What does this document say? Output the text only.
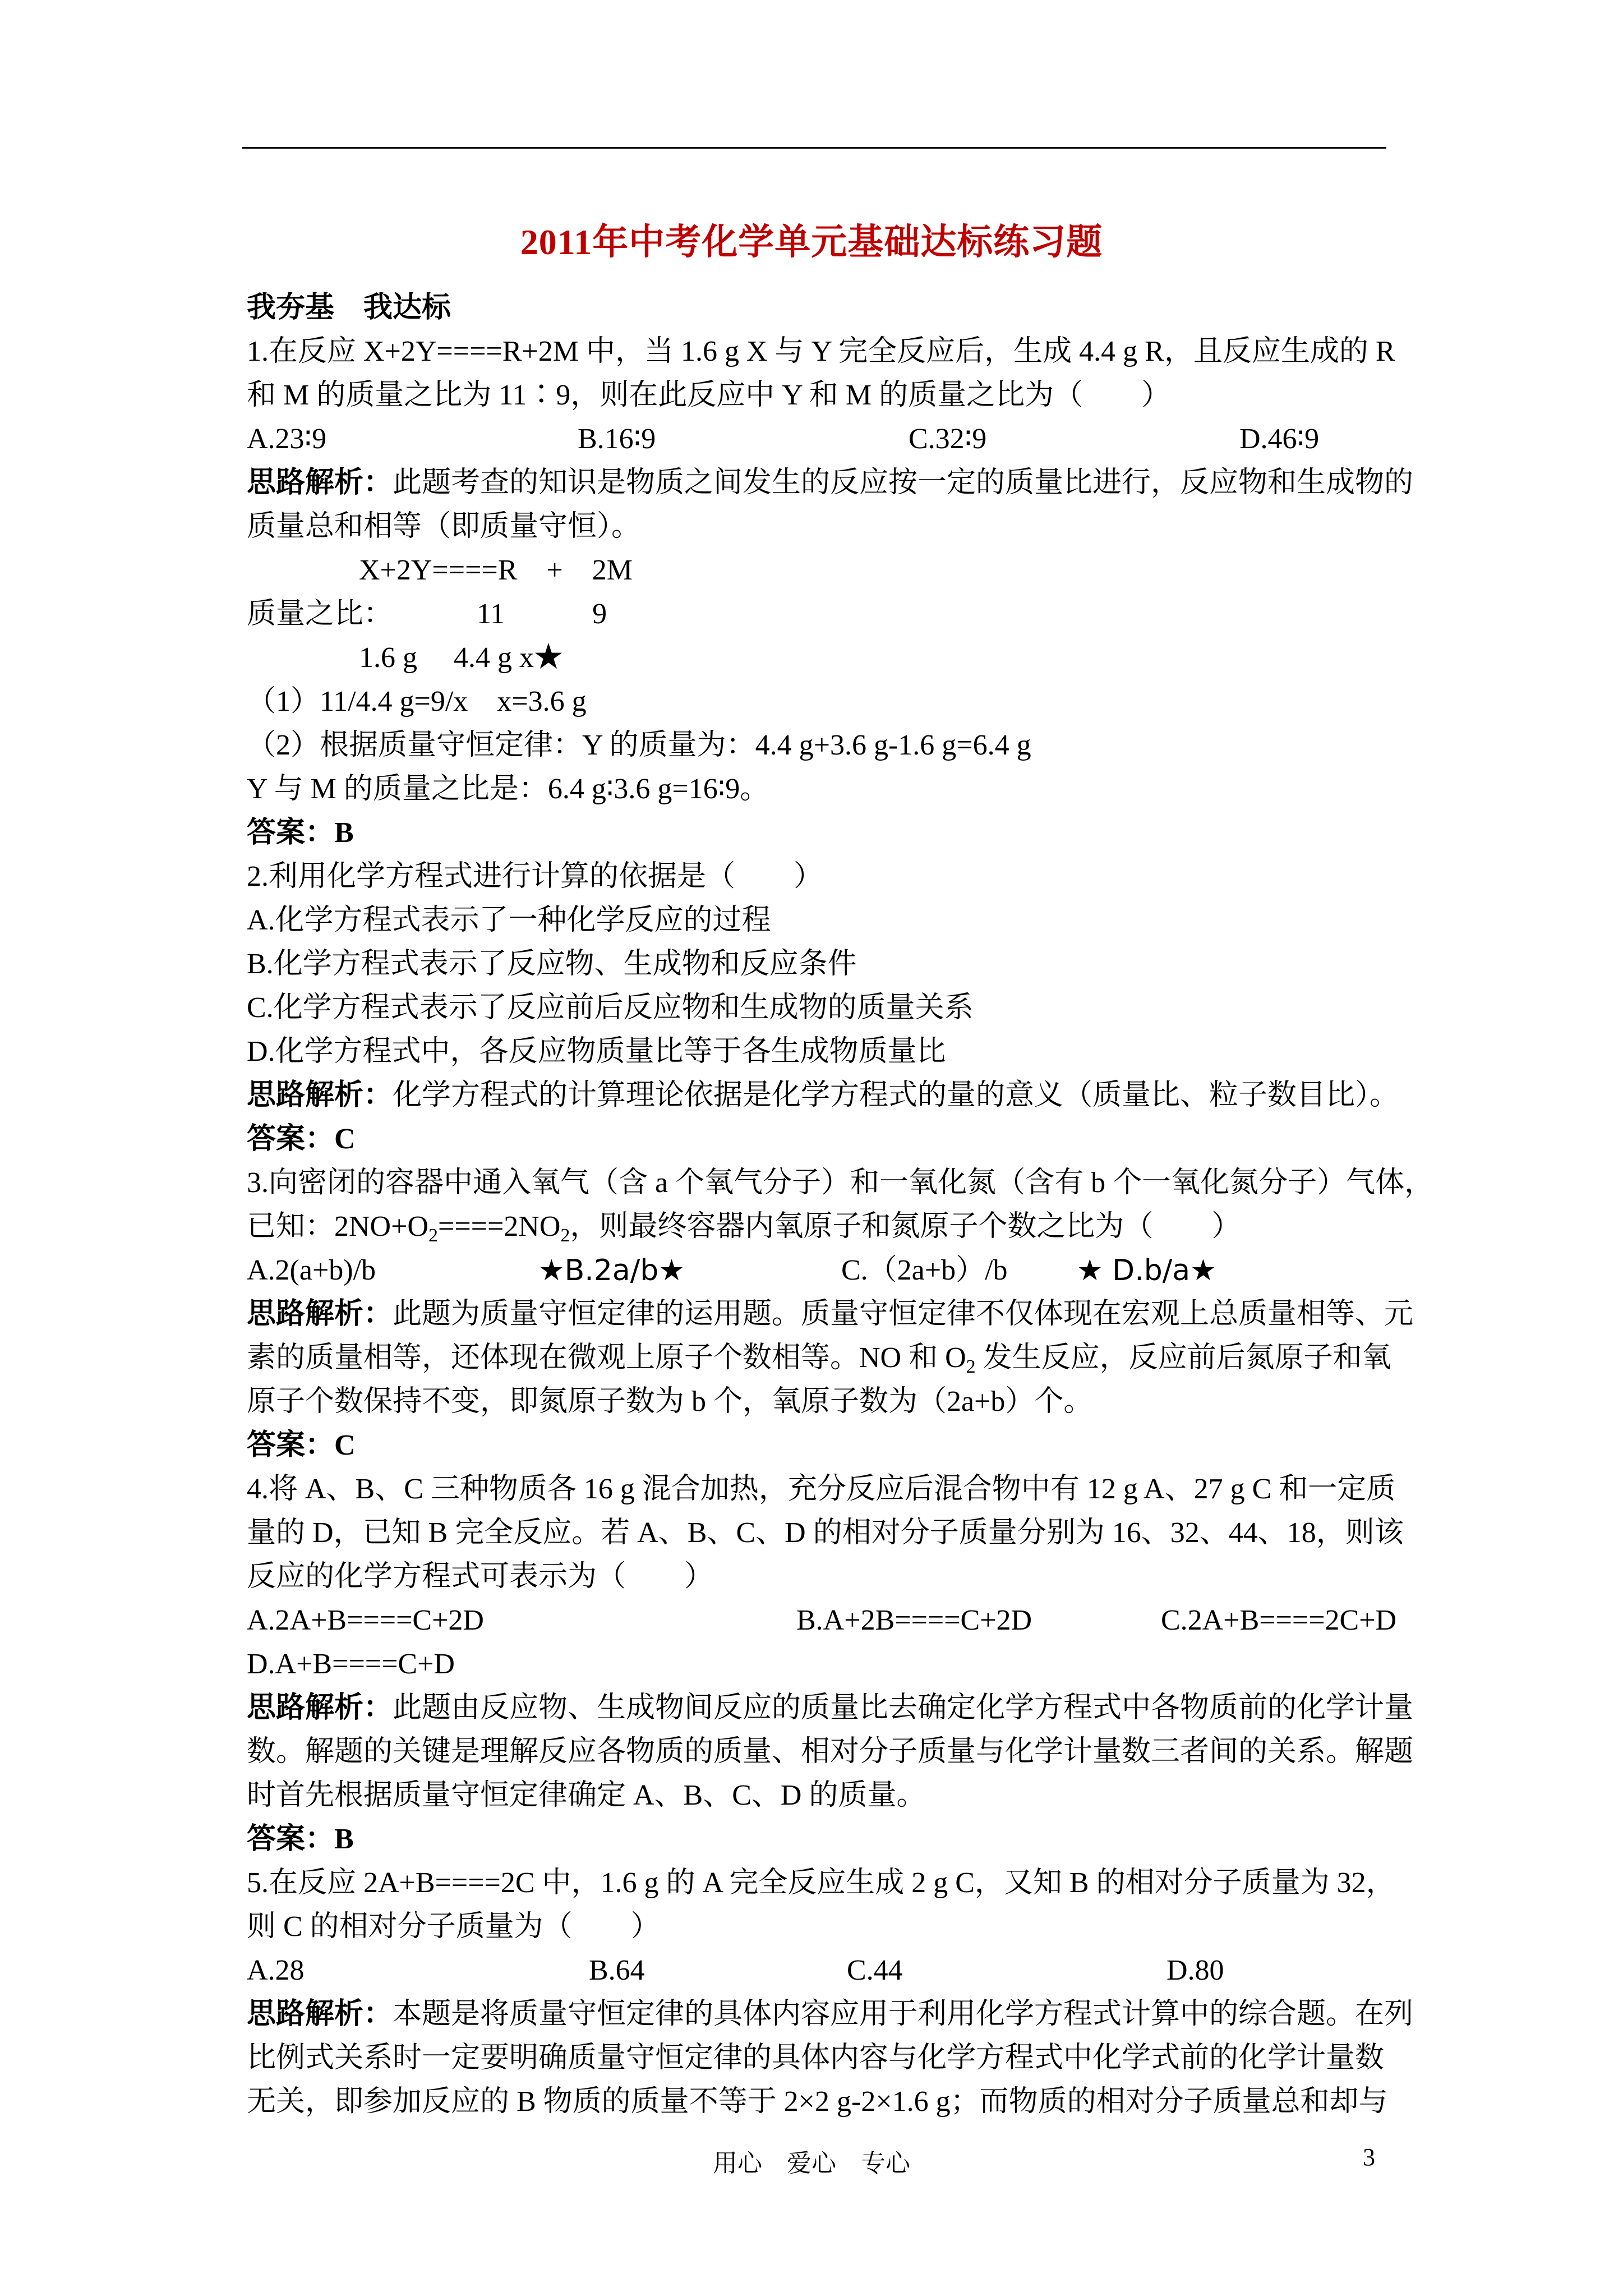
2011年中考化学单元基础达标练习题
我夯基　我达标
1.在反应 X+2Y====R+2M 中，当 1.6 g X 与 Y 完全反应后，生成 4.4 g R，且反应生成的 R
和 M 的质量之比为 11∶9，则在此反应中 Y 和 M 的质量之比为（　　）
A.23∶9	B.16∶9	C.32∶9	D.46∶9
思路解析：此题考查的知识是物质之间发生的反应按一定的质量比进行，反应物和生成物的
质量总和相等（即质量守恒）。
X+2Y====R　+　2M
质量之比：	11　　　9
1.6 g　 4.4 g x★
（1）11/4.4 g=9/x　x=3.6 g
（2）根据质量守恒定律：Y 的质量为：4.4 g+3.6 g-1.6 g=6.4 g
Y 与 M 的质量之比是：6.4 g∶3.6 g=16∶9。
答案：B
2.利用化学方程式进行计算的依据是（　　）
A.化学方程式表示了一种化学反应的过程
B.化学方程式表示了反应物、生成物和反应条件
C.化学方程式表示了反应前后反应物和生成物的质量关系
D.化学方程式中，各反应物质量比等于各生成物质量比
思路解析：化学方程式的计算理论依据是化学方程式的量的意义（质量比、粒子数目比）。
答案：C
3.向密闭的容器中通入氧气（含 a 个氧气分子）和一氧化氮（含有 b 个一氧化氮分子）气体，
已知：$2NO+O_2====2NO_2$，则最终容器内氧原子和氮原子个数之比为（　　）
A.2(a+b)/b	★B.2a/b★	C.（2a+b）/b ★ D.b/a★
思路解析：此题为质量守恒定律的运用题。质量守恒定律不仅体现在宏观上总质量相等、元
素的质量相等，还体现在微观上原子个数相等。NO 和 $O_2$ 发生反应，反应前后氮原子和氧
原子个数保持不变，即氮原子数为 b 个，氧原子数为（2a+b）个。
答案：C
4.将 A、B、C 三种物质各 16 g 混合加热，充分反应后混合物中有 12 g A、27 g C 和一定质
量的 D，已知 B 完全反应。若 A、B、C、D 的相对分子质量分别为 16、32、44、18，则该
反应的化学方程式可表示为（　　）
A.2A+B====C+2D	B.A+2B====C+2D	C.2A+B====2C+D
D.A+B====C+D
思路解析：此题由反应物、生成物间反应的质量比去确定化学方程式中各物质前的化学计量
数。解题的关键是理解反应各物质的质量、相对分子质量与化学计量数三者间的关系。解题
时首先根据质量守恒定律确定 A、B、C、D 的质量。
答案：B
5.在反应 2A+B====2C 中，1.6 g 的 A 完全反应生成 2 g C，又知 B 的相对分子质量为 32，
则 C 的相对分子质量为（　　）
A.28	B.64	C.44	D.80
思路解析：本题是将质量守恒定律的具体内容应用于利用化学方程式计算中的综合题。在列
比例式关系时一定要明确质量守恒定律的具体内容与化学方程式中化学式前的化学计量数
无关，即参加反应的 B 物质的质量不等于 2×2 g-2×1.6 g；而物质的相对分子质量总和却与
用心　爱心　专心	3
